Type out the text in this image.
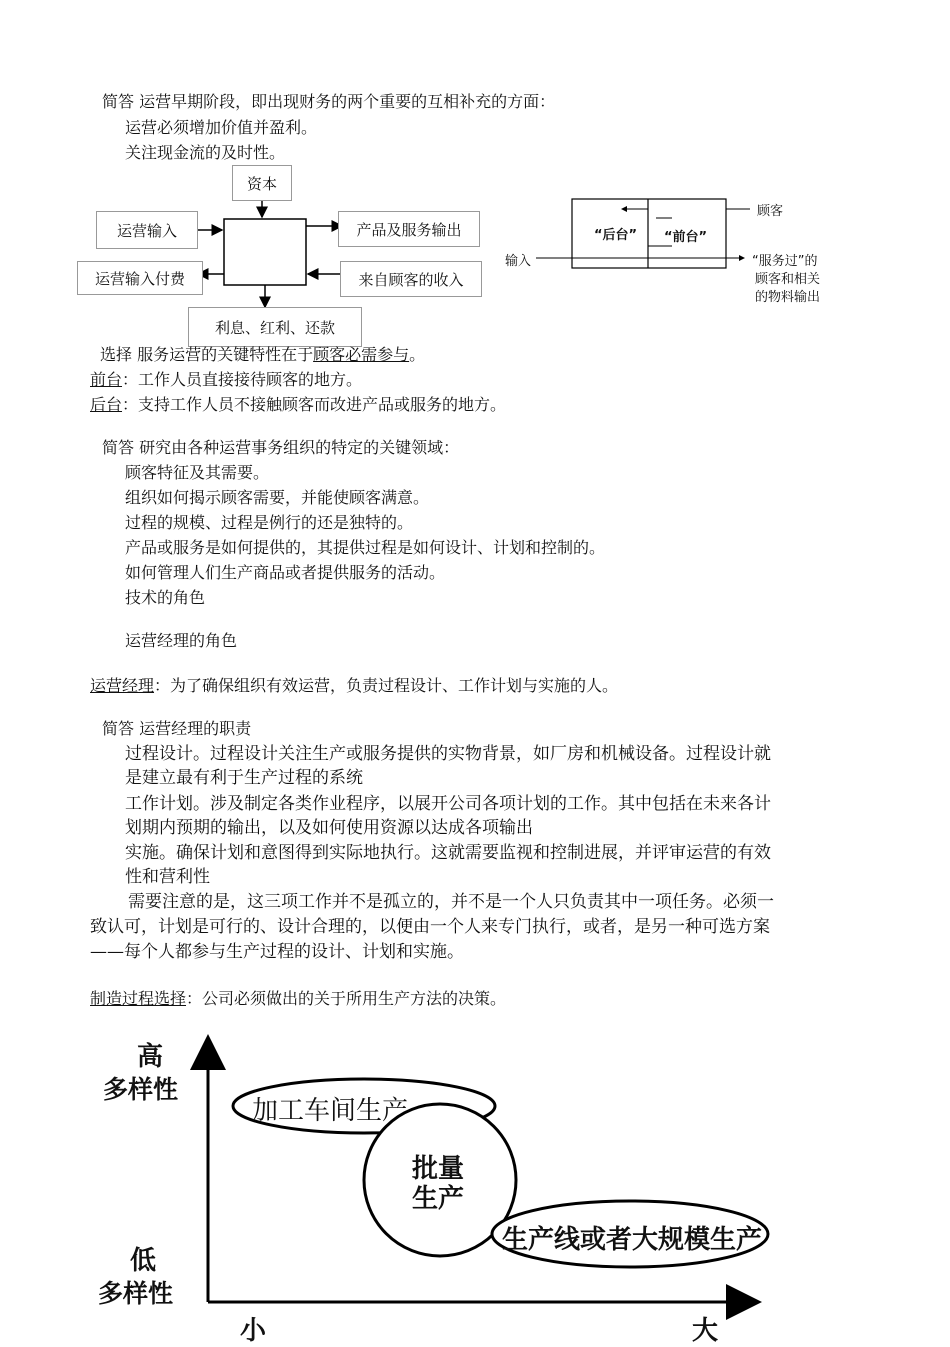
简答 运营早期阶段，即出现财务的两个重要的互相补充的方面：
运营必须增加价值并盈利。
关注现金流的及时性。
资本
运营输入
运营输入付费
产品及服务输出
来自顾客的收入
利息、红利、还款
“后台” “前台”
输入
顾客
“服务过”的
顾客和相关
的物料输出
选择 服务运营的关键特性在于顾客必需参与。
前台：工作人员直接接待顾客的地方。
后台：支持工作人员不接触顾客而改进产品或服务的地方。
简答 研究由各种运营事务组织的特定的关键领域：
顾客特征及其需要。
组织如何揭示顾客需要，并能使顾客满意。
过程的规模、过程是例行的还是独特的。
产品或服务是如何提供的，其提供过程是如何设计、计划和控制的。
如何管理人们生产商品或者提供服务的活动。
技术的角色
运营经理的角色
运营经理：为了确保组织有效运营，负责过程设计、工作计划与实施的人。
简答 运营经理的职责
过程设计。过程设计关注生产或服务提供的实物背景，如厂房和机械设备。过程设计就
是建立最有利于生产过程的系统
工作计划。涉及制定各类作业程序，以展开公司各项计划的工作。其中包括在未来各计
划期内预期的输出，以及如何使用资源以达成各项输出
实施。确保计划和意图得到实际地执行。这就需要监视和控制进展，并评审运营的有效
性和营利性
需要注意的是，这三项工作并不是孤立的，并不是一个人只负责其中一项任务。必须一
致认可，计划是可行的、设计合理的，以便由一个人来专门执行，或者，是另一种可选方案
——每个人都参与生产过程的设计、计划和实施。
制造过程选择：公司必须做出的关于所用生产方法的决策。
高
多样性
低
多样性
小	大
加工车间生产
批量
生产
生产线或者大规模生产
